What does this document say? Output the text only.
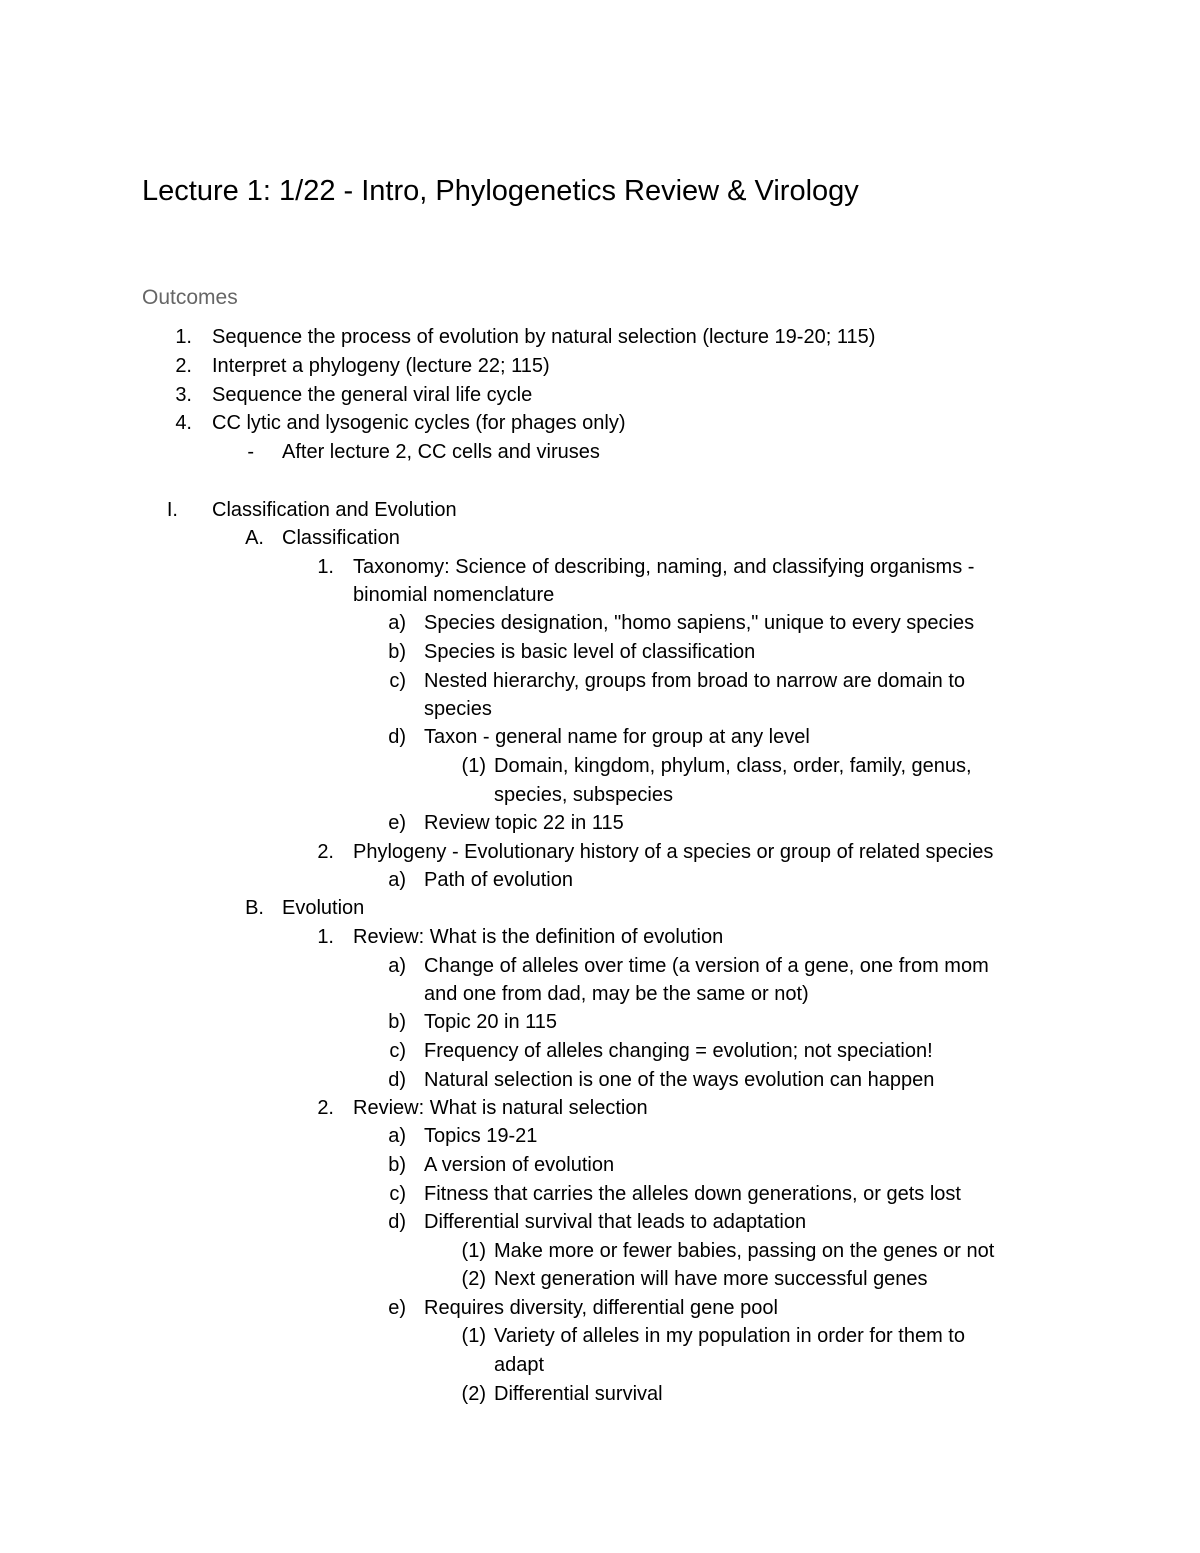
Lecture 1: 1/22 - Intro, Phylogenetics Review & Virology
Outcomes
1. Sequence the process of evolution by natural selection (lecture 19-20; 115)
2. Interpret a phylogeny (lecture 22; 115)
3. Sequence the general viral life cycle
4. CC lytic and lysogenic cycles (for phages only)
- After lecture 2, CC cells and viruses
I. Classification and Evolution
A. Classification
1. Taxonomy: Science of describing, naming, and classifying organisms -
binomial nomenclature
a) Species designation, "homo sapiens," unique to every species
b) Species is basic level of classification
c) Nested hierarchy, groups from broad to narrow are domain to
species
d) Taxon - general name for group at any level
(1) Domain, kingdom, phylum, class, order, family, genus,
species, subspecies
e) Review topic 22 in 115
2. Phylogeny - Evolutionary history of a species or group of related species
a) Path of evolution
B. Evolution
1. Review: What is the definition of evolution
a) Change of alleles over time (a version of a gene, one from mom
and one from dad, may be the same or not)
b) Topic 20 in 115
c) Frequency of alleles changing = evolution; not speciation!
d) Natural selection is one of the ways evolution can happen
2. Review: What is natural selection
a) Topics 19-21
b) A version of evolution
c) Fitness that carries the alleles down generations, or gets lost
d) Differential survival that leads to adaptation
(1) Make more or fewer babies, passing on the genes or not
(2) Next generation will have more successful genes
e) Requires diversity, differential gene pool
(1) Variety of alleles in my population in order for them to
adapt
(2) Differential survival
